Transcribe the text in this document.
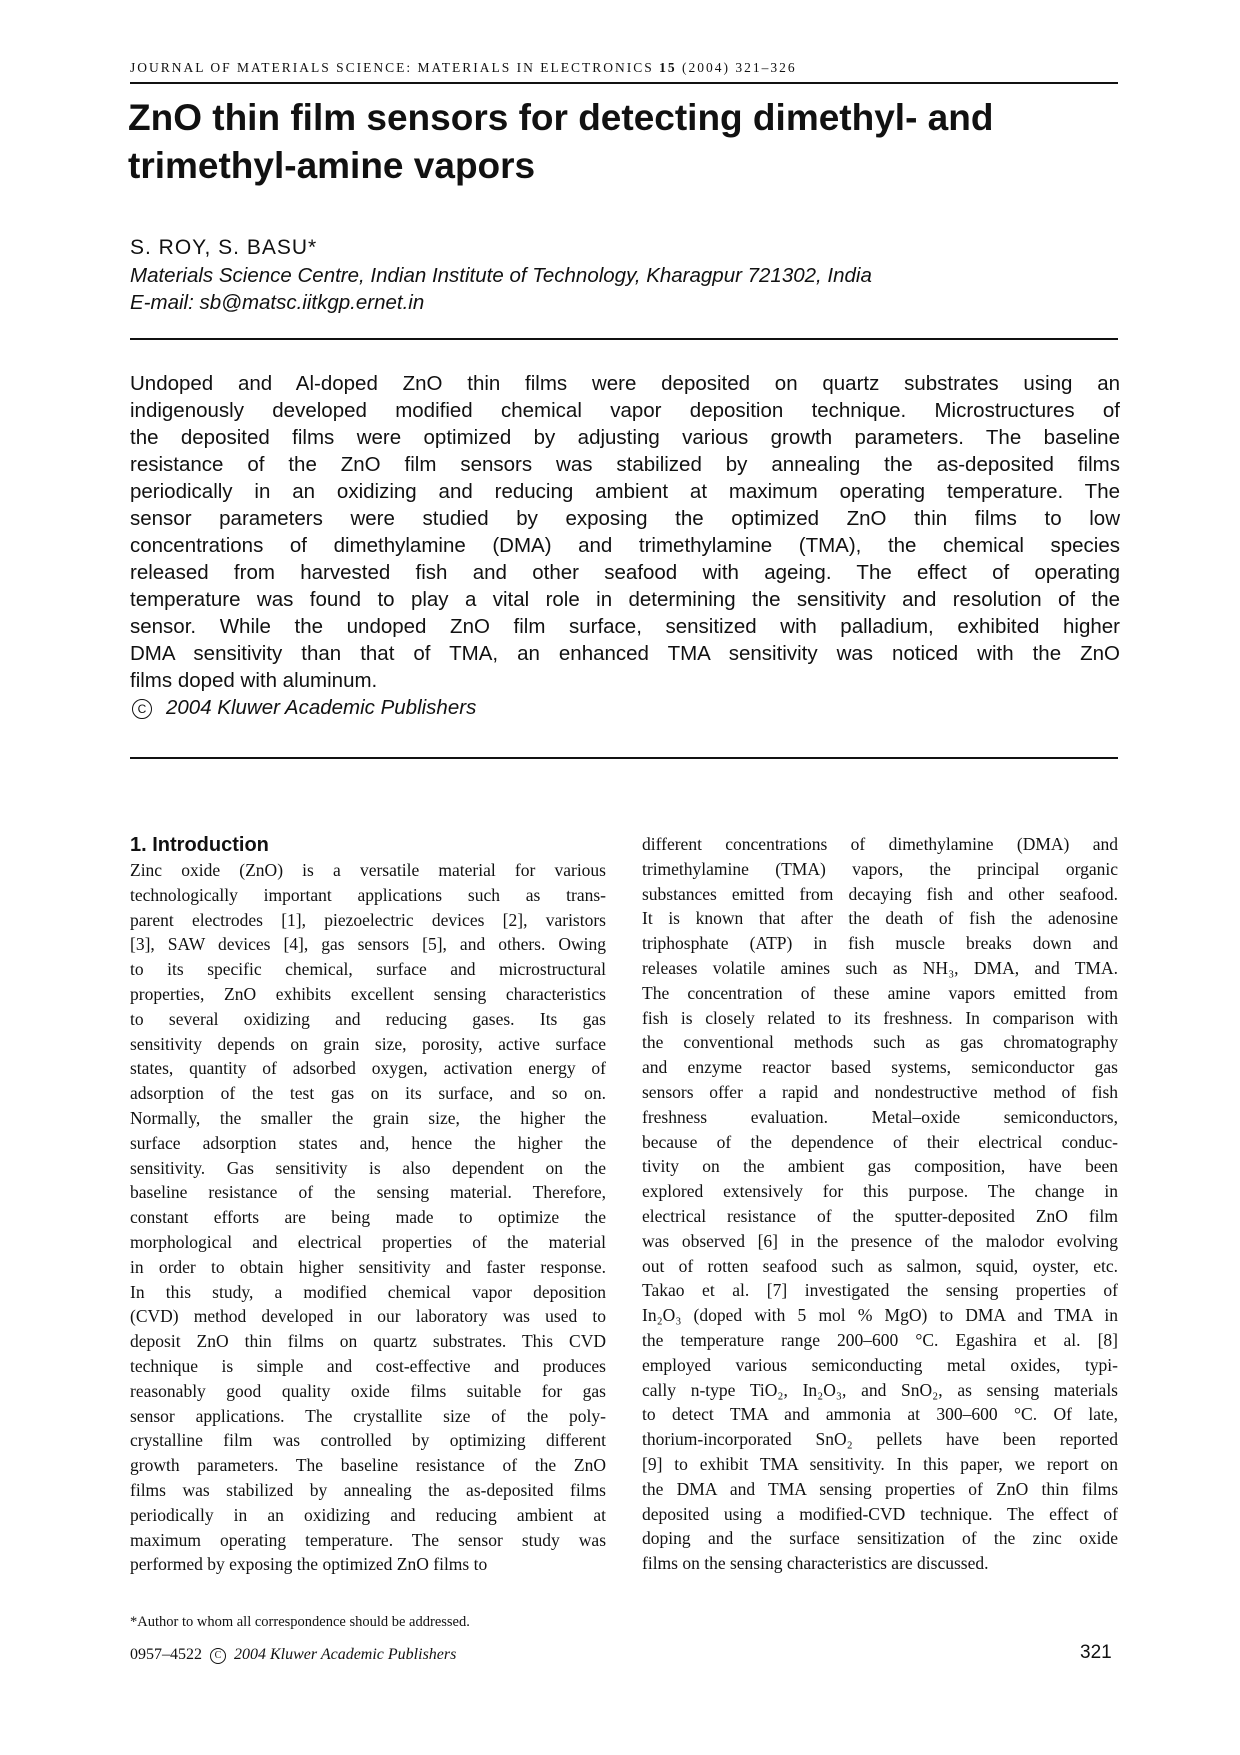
JOURNAL OF MATERIALS SCIENCE: MATERIALS IN ELECTRONICS 15 (2004) 321–326
ZnO thin film sensors for detecting dimethyl- and
trimethyl-amine vapors
S. ROY, S. BASU*
Materials Science Centre, Indian Institute of Technology, Kharagpur 721302, India
E-mail: sb@matsc.iitkgp.ernet.in

Undoped and Al-doped ZnO thin films were deposited on quartz substrates using an

indigenously developed modified chemical vapor deposition technique. Microstructures of

the deposited films were optimized by adjusting various growth parameters. The baseline

resistance of the ZnO film sensors was stabilized by annealing the as-deposited films

periodically in an oxidizing and reducing ambient at maximum operating temperature. The

sensor parameters were studied by exposing the optimized ZnO thin films to low

concentrations of dimethylamine (DMA) and trimethylamine (TMA), the chemical species

released from harvested fish and other seafood with ageing. The effect of operating

temperature was found to play a vital role in determining the sensitivity and resolution of the

sensor. While the undoped ZnO film surface, sensitized with palladium, exhibited higher

DMA sensitivity than that of TMA, an enhanced TMA sensitivity was noticed with the ZnO

films doped with aluminum.

C 2004 Kluwer Academic Publishers

1. Introduction
Zinc oxide (ZnO) is a versatile material for various
technologically important applications such as trans-
parent electrodes [1], piezoelectric devices [2], varistors
[3], SAW devices [4], gas sensors [5], and others. Owing
to its specific chemical, surface and microstructural
properties, ZnO exhibits excellent sensing characteristics
to several oxidizing and reducing gases. Its gas
sensitivity depends on grain size, porosity, active surface
states, quantity of adsorbed oxygen, activation energy of
adsorption of the test gas on its surface, and so on.
Normally, the smaller the grain size, the higher the
surface adsorption states and, hence the higher the
sensitivity. Gas sensitivity is also dependent on the
baseline resistance of the sensing material. Therefore,
constant efforts are being made to optimize the
morphological and electrical properties of the material
in order to obtain higher sensitivity and faster response.
In this study, a modified chemical vapor deposition
(CVD) method developed in our laboratory was used to
deposit ZnO thin films on quartz substrates. This CVD
technique is simple and cost-effective and produces
reasonably good quality oxide films suitable for gas
sensor applications. The crystallite size of the poly-
crystalline film was controlled by optimizing different
growth parameters. The baseline resistance of the ZnO
films was stabilized by annealing the as-deposited films
periodically in an oxidizing and reducing ambient at
maximum operating temperature. The sensor study was
performed by exposing the optimized ZnO films to
different concentrations of dimethylamine (DMA) and
trimethylamine (TMA) vapors, the principal organic
substances emitted from decaying fish and other seafood.
It is known that after the death of fish the adenosine
triphosphate (ATP) in fish muscle breaks down and
releases volatile amines such as NH₃, DMA, and TMA.
The concentration of these amine vapors emitted from
fish is closely related to its freshness. In comparison with
the conventional methods such as gas chromatography
and enzyme reactor based systems, semiconductor gas
sensors offer a rapid and nondestructive method of fish
freshness evaluation. Metal–oxide semiconductors,
because of the dependence of their electrical conduc-
tivity on the ambient gas composition, have been
explored extensively for this purpose. The change in
electrical resistance of the sputter-deposited ZnO film
was observed [6] in the presence of the malodor evolving
out of rotten seafood such as salmon, squid, oyster, etc.
Takao et al. [7] investigated the sensing properties of
In₂O₃ (doped with 5 mol % MgO) to DMA and TMA in
the temperature range 200–600 °C. Egashira et al. [8]
employed various semiconducting metal oxides, typi-
cally n-type TiO₂, In₂O₃, and SnO₂, as sensing materials
to detect TMA and ammonia at 300–600 °C. Of late,
thorium-incorporated SnO₂ pellets have been reported
[9] to exhibit TMA sensitivity. In this paper, we report on
the DMA and TMA sensing properties of ZnO thin films
deposited using a modified-CVD technique. The effect of
doping and the surface sensitization of the zinc oxide
films on the sensing characteristics are discussed.
*Author to whom all correspondence should be addressed.
0957–4522 C 2004 Kluwer Academic Publishers	321
